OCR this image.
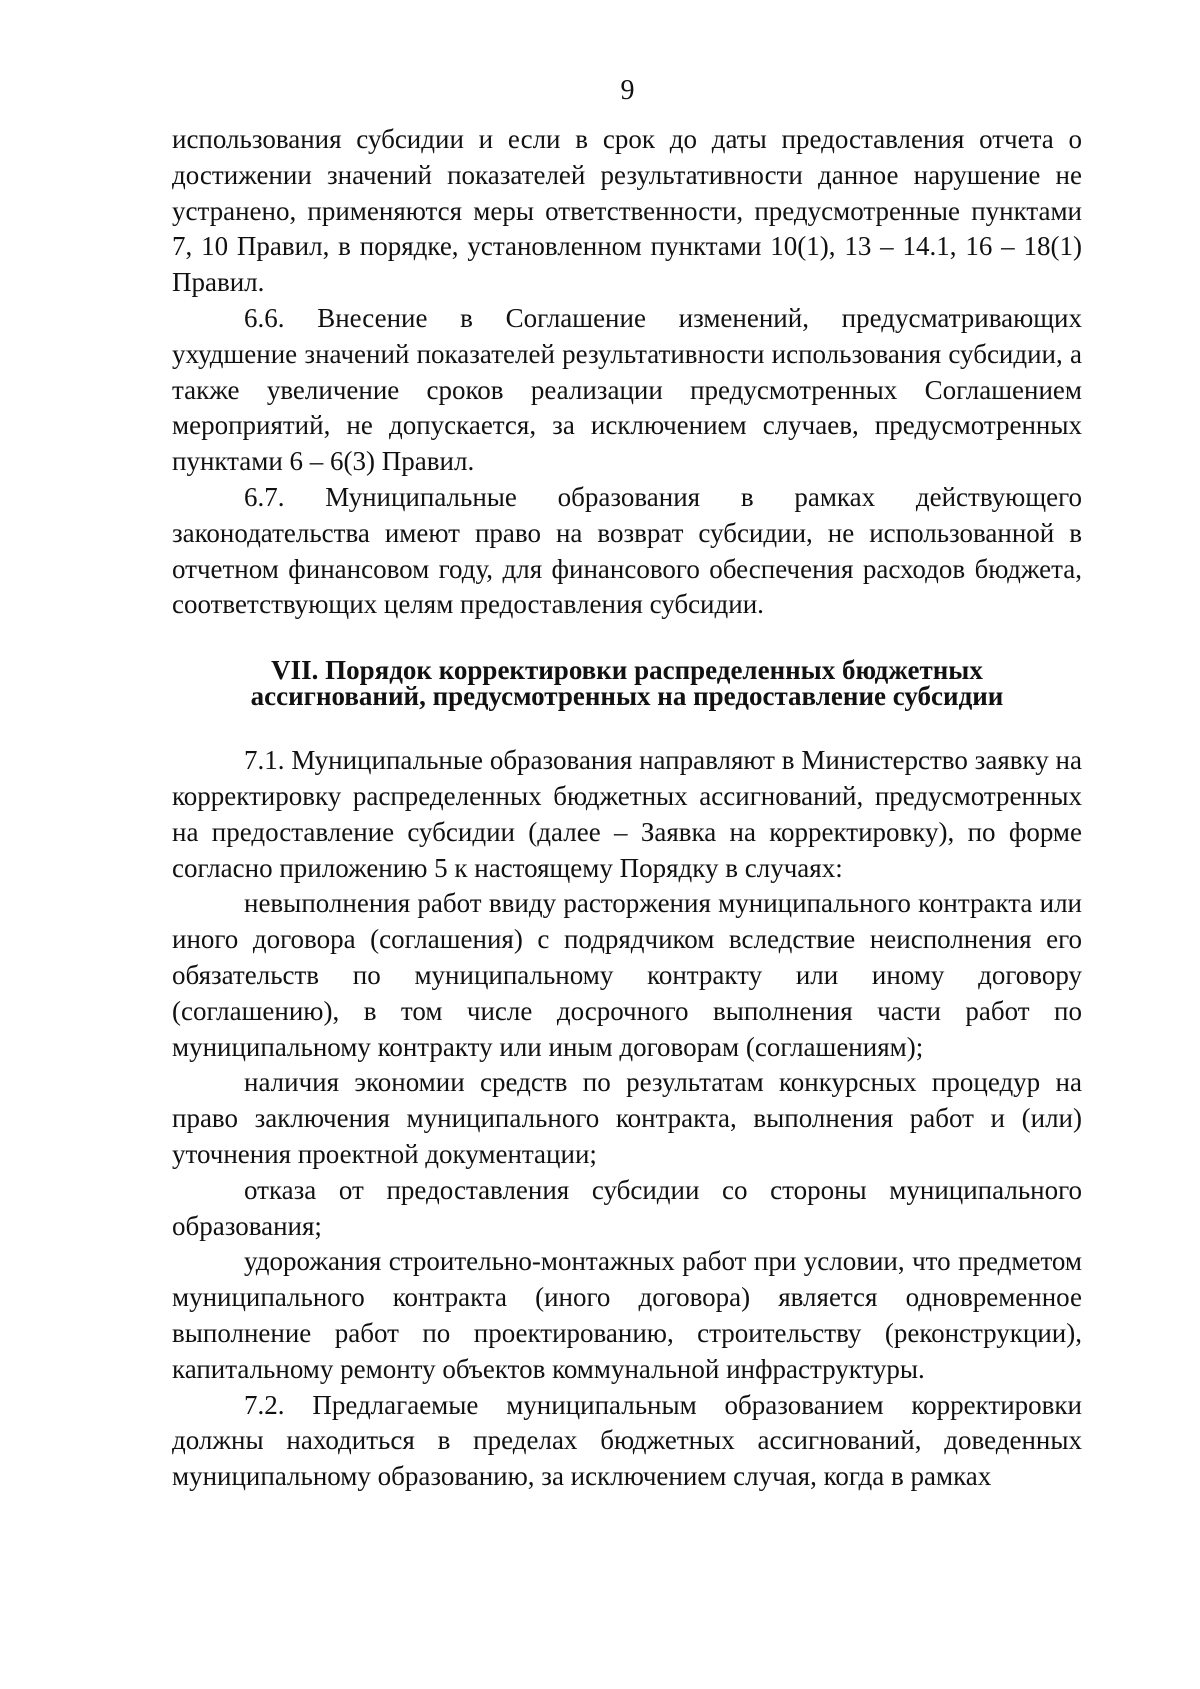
9

использования субсидии и если в срок до даты предоставления отчета о достижении значений показателей результативности данное нарушение не устранено, применяются меры ответственности, предусмотренные пунктами 7, 10 Правил, в порядке, установленном пунктами 10(1), 13 – 14.1, 16 – 18(1) Правил.

6.6. Внесение в Соглашение изменений, предусматривающих ухудшение значений показателей результативности использования субсидии, а также увеличение сроков реализации предусмотренных Соглашением мероприятий, не допускается, за исключением случаев, предусмотренных пунктами 6 – 6(3) Правил.

6.7. Муниципальные образования в рамках действующего законодательства имеют право на возврат субсидии, не использованной в отчетном финансовом году, для финансового обеспечения расходов бюджета, соответствующих целям предоставления субсидии.

VII. Порядок корректировки распределенных бюджетных
ассигнований, предусмотренных на предоставление субсидии

7.1. Муниципальные образования направляют в Министерство заявку на корректировку распределенных бюджетных ассигнований, предусмотренных на предоставление субсидии (далее – Заявка на корректировку), по форме согласно приложению 5 к настоящему Порядку в случаях:

невыполнения работ ввиду расторжения муниципального контракта или иного договора (соглашения) с подрядчиком вследствие неисполнения его обязательств по муниципальному контракту или иному договору (соглашению), в том числе досрочного выполнения части работ по муниципальному контракту или иным договорам (соглашениям);

наличия экономии средств по результатам конкурсных процедур на право заключения муниципального контракта, выполнения работ и (или) уточнения проектной документации;

отказа от предоставления субсидии со стороны муниципального образования;

удорожания строительно-монтажных работ при условии, что предметом муниципального контракта (иного договора) является одновременное выполнение работ по проектированию, строительству (реконструкции), капитальному ремонту объектов коммунальной инфраструктуры.

7.2. Предлагаемые муниципальным образованием корректировки должны находиться в пределах бюджетных ассигнований, доведенных муниципальному образованию, за исключением случая, когда в рамках
